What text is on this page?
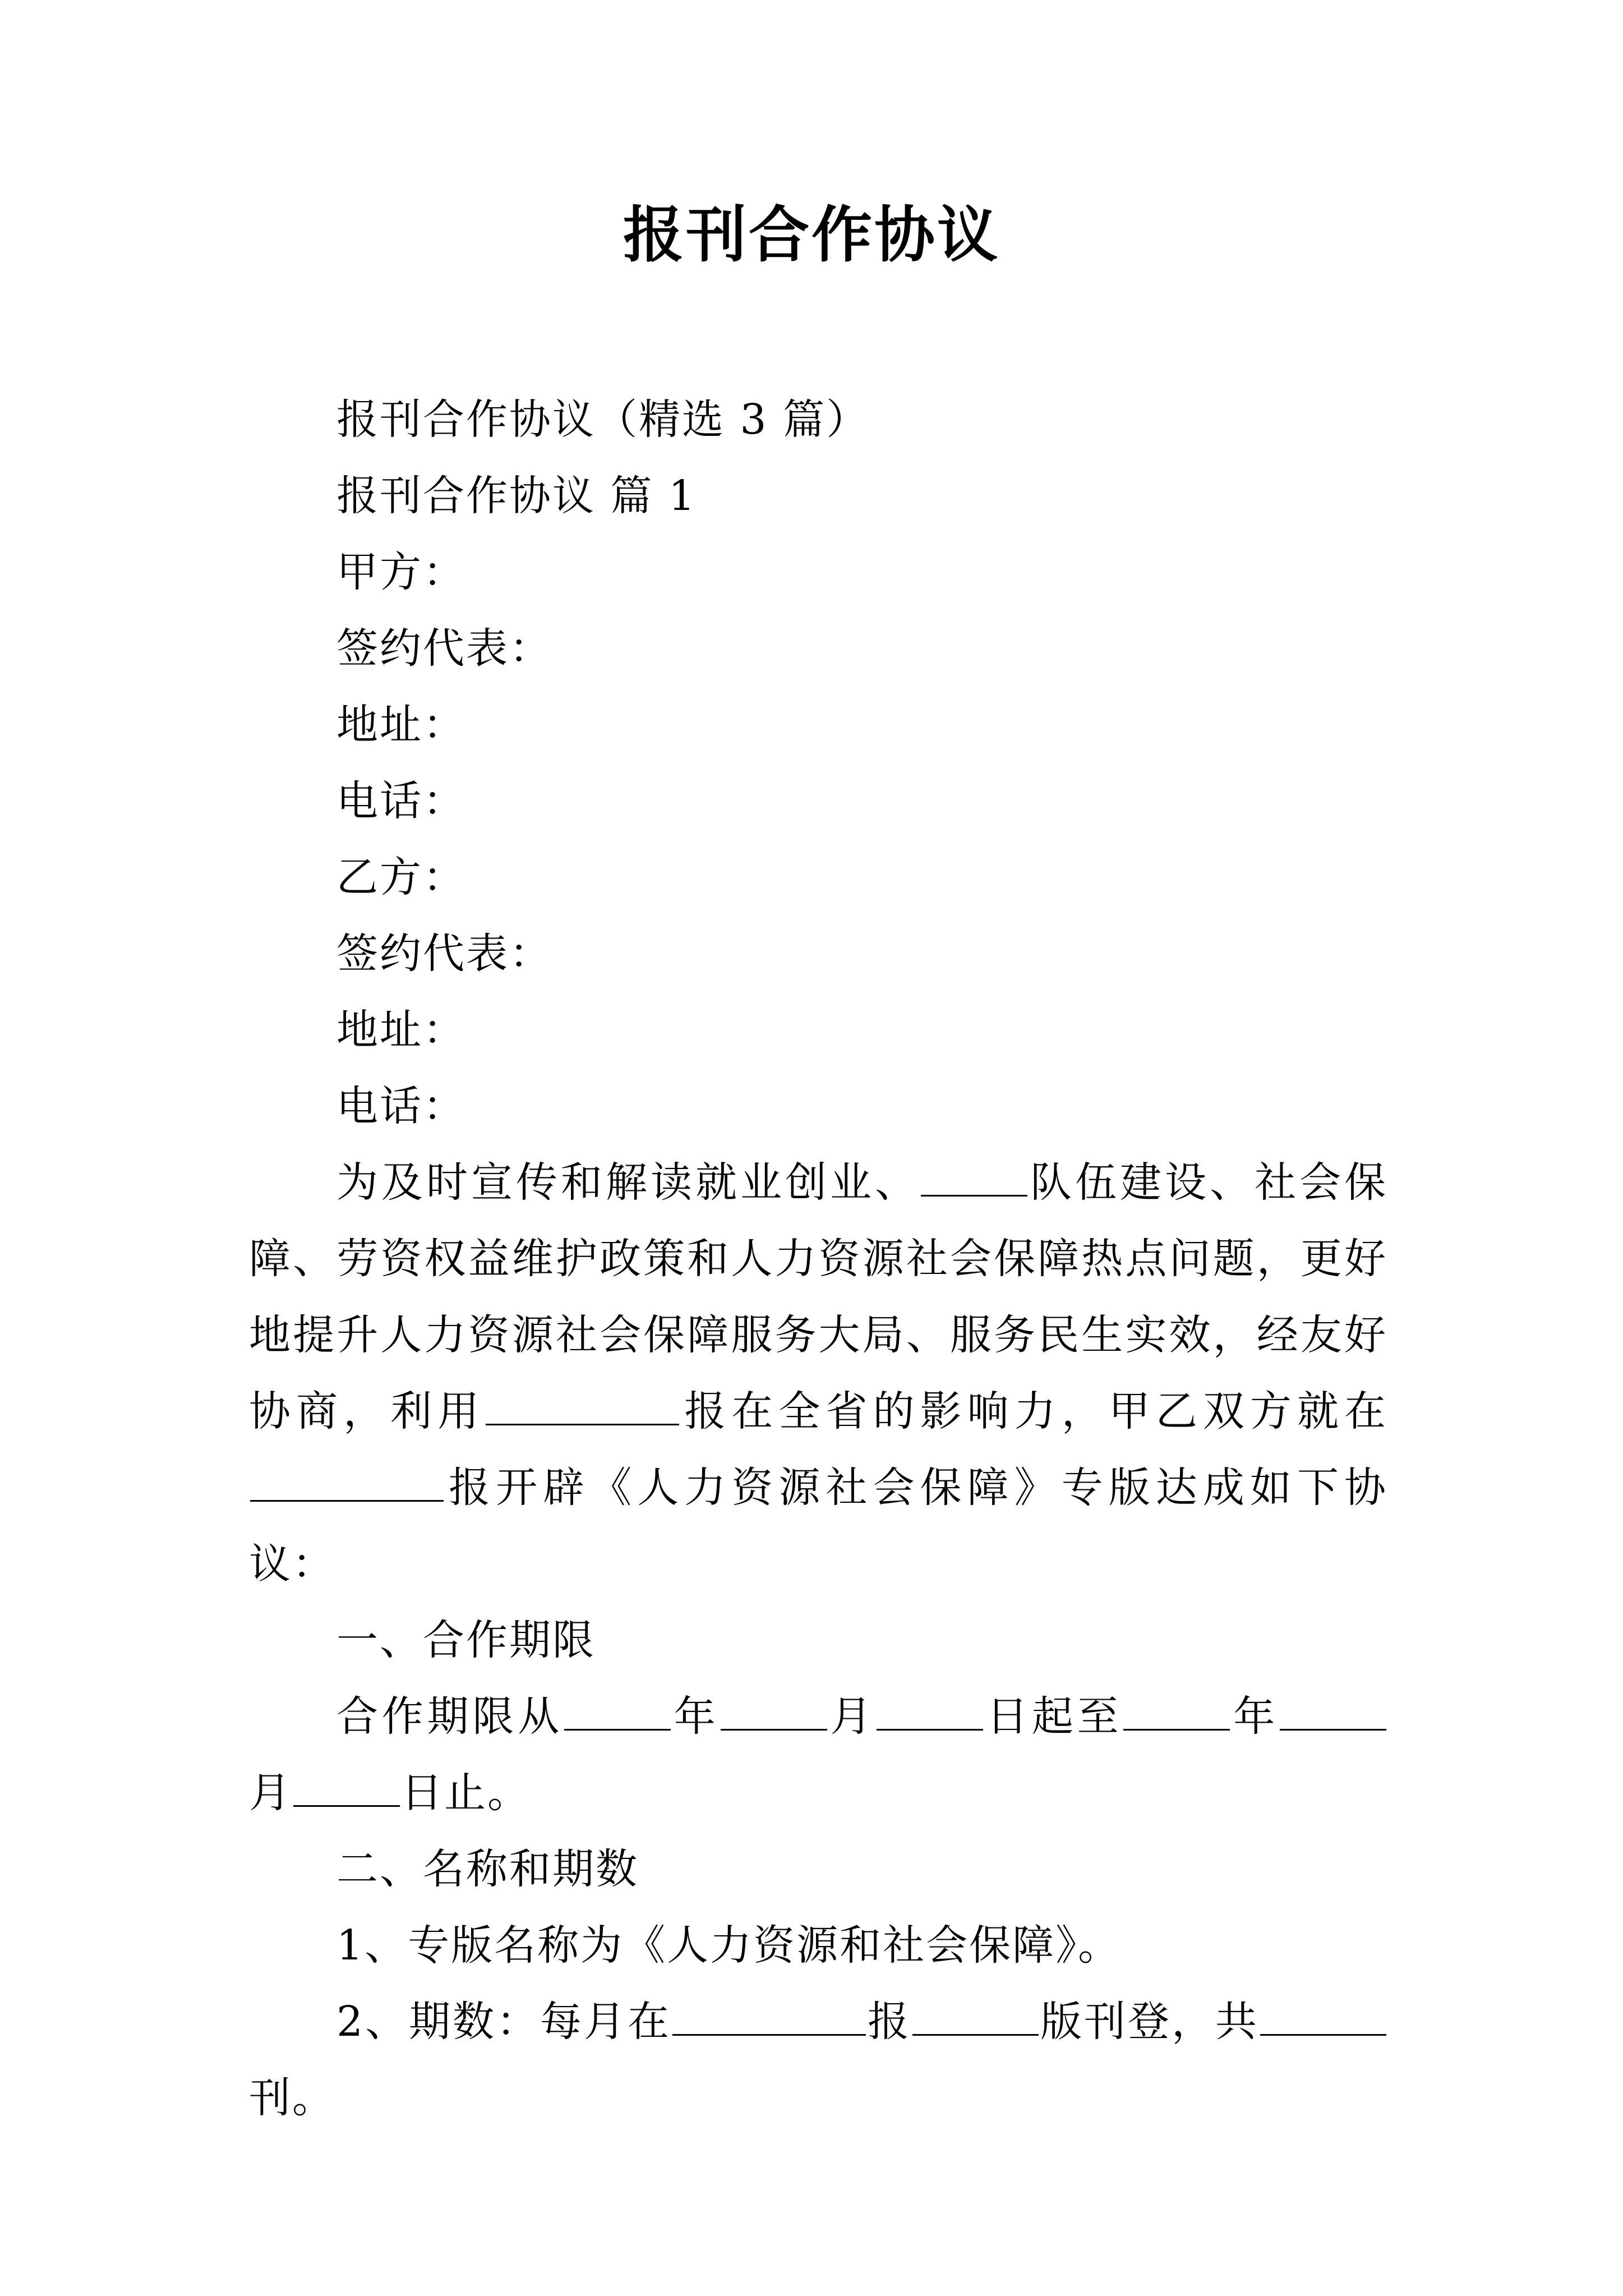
报刊合作协议

报刊合作协议（精选 3 篇）

报刊合作协议 篇 1

甲方：

签约代表：

地址：

电话：

乙方：

签约代表：

地址：

电话：

为及时宣传和解读就业创业、	队伍建设、社会保障、劳资权益维护政策和人力资源社会保障热点问题，更好地提升人力资源社会保障服务大局、服务民生实效，经友好协商，利用	报在全省的影响力，甲乙双方就在报开辟《人力资源社会保障》专版达成如下协议：

一、合作期限

合作期限从	年	月	日起至	年月	日止。

二、名称和期数

1、专版名称为《人力资源和社会保障》。

2、期数：每月在	报	版刊登，共刊。
